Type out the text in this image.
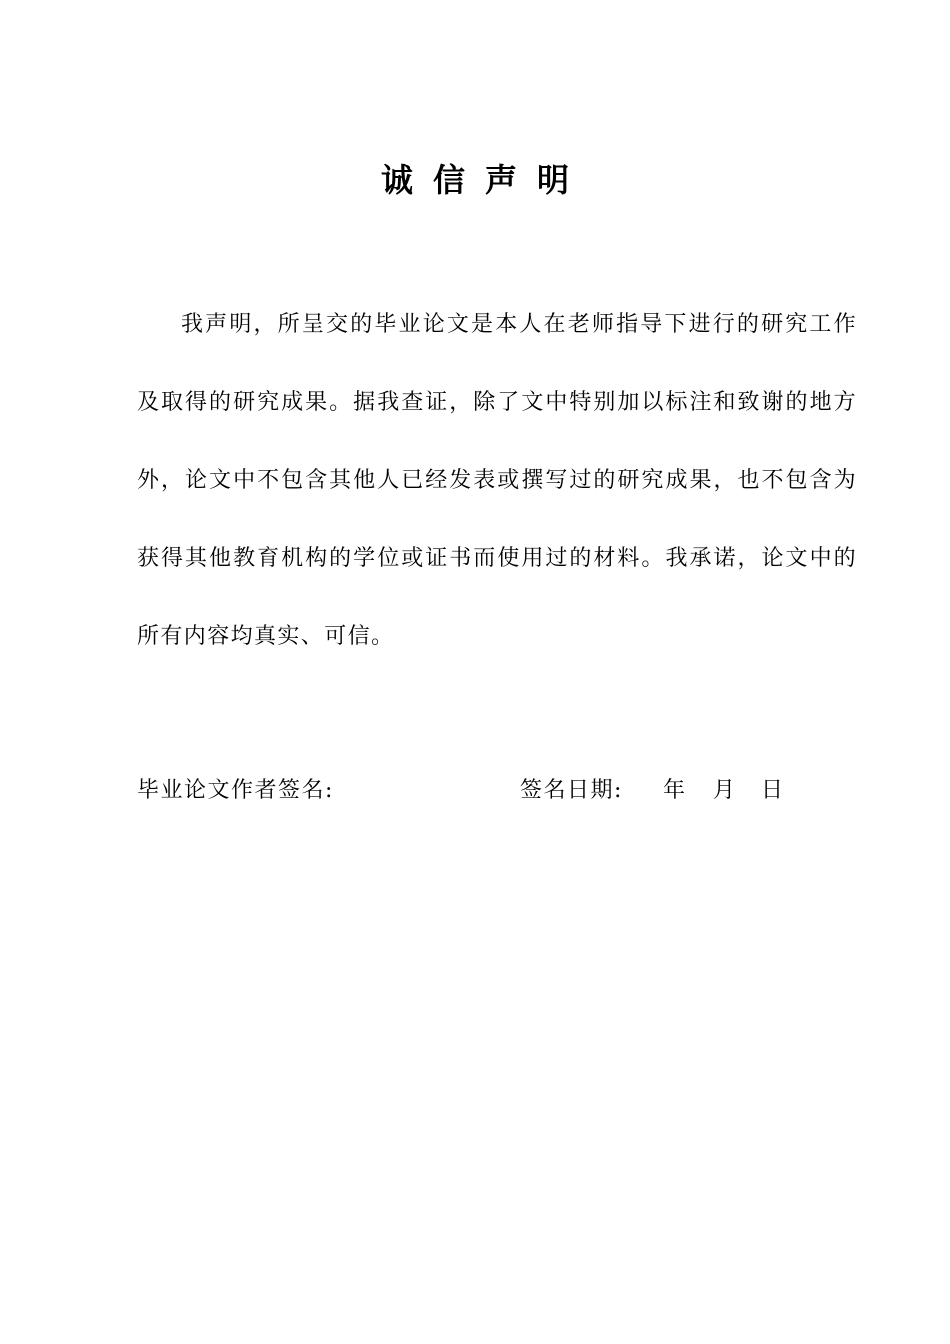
诚信声明

我声明，所呈交的毕业论文是本人在老师指导下进行的研究工作及取得的研究成果。据我查证，除了文中特别加以标注和致谢的地方外，论文中不包含其他人已经发表或撰写过的研究成果，也不包含为获得其他教育机构的学位或证书而使用过的材料。我承诺，论文中的所有内容均真实、可信。

毕业论文作者签名:	签名日期: 年 月 日
